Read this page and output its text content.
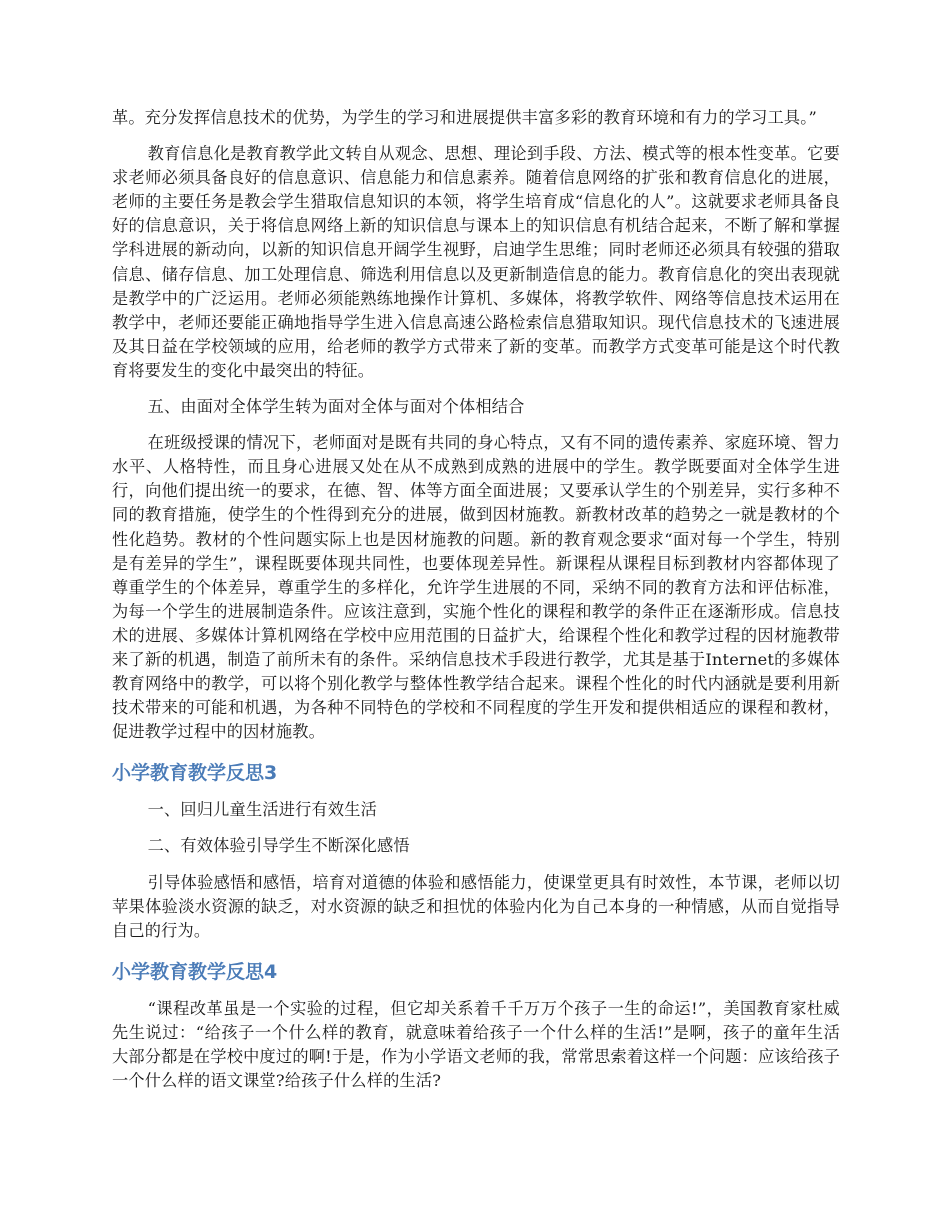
革。充分发挥信息技术的优势，为学生的学习和进展提供丰富多彩的教育环境和有力的学习工具。”

教育信息化是教育教学此文转自从观念、思想、理论到手段、方法、模式等的根本性变革。它要求老师必须具备良好的信息意识、信息能力和信息素养。随着信息网络的扩张和教育信息化的进展，老师的主要任务是教会学生猎取信息知识的本领，将学生培育成“信息化的人”。这就要求老师具备良好的信息意识，关于将信息网络上新的知识信息与课本上的知识信息有机结合起来，不断了解和掌握学科进展的新动向，以新的知识信息开阔学生视野，启迪学生思维；同时老师还必须具有较强的猎取信息、储存信息、加工处理信息、筛选利用信息以及更新制造信息的能力。教育信息化的突出表现就是教学中的广泛运用。老师必须能熟练地操作计算机、多媒体，将教学软件、网络等信息技术运用在教学中，老师还要能正确地指导学生进入信息高速公路检索信息猎取知识。现代信息技术的飞速进展及其日益在学校领域的应用，给老师的教学方式带来了新的变革。而教学方式变革可能是这个时代教育将要发生的变化中最突出的特征。

五、由面对全体学生转为面对全体与面对个体相结合

在班级授课的情况下，老师面对是既有共同的身心特点，又有不同的遗传素养、家庭环境、智力水平、人格特性，而且身心进展又处在从不成熟到成熟的进展中的学生。教学既要面对全体学生进行，向他们提出统一的要求，在德、智、体等方面全面进展；又要承认学生的个别差异，实行多种不同的教育措施，使学生的个性得到充分的进展，做到因材施教。新教材改革的趋势之一就是教材的个性化趋势。教材的个性问题实际上也是因材施教的问题。新的教育观念要求“面对每一个学生，特别是有差异的学生”，课程既要体现共同性，也要体现差异性。新课程从课程目标到教材内容都体现了尊重学生的个体差异，尊重学生的多样化，允许学生进展的不同，采纳不同的教育方法和评估标准，为每一个学生的进展制造条件。应该注意到，实施个性化的课程和教学的条件正在逐渐形成。信息技术的进展、多媒体计算机网络在学校中应用范围的日益扩大，给课程个性化和教学过程的因材施教带来了新的机遇，制造了前所未有的条件。采纳信息技术手段进行教学，尤其是基于Internet的多媒体教育网络中的教学，可以将个别化教学与整体性教学结合起来。课程个性化的时代内涵就是要利用新技术带来的可能和机遇，为各种不同特色的学校和不同程度的学生开发和提供相适应的课程和教材，促进教学过程中的因材施教。

小学教育教学反思3

一、回归儿童生活进行有效生活

二、有效体验引导学生不断深化感悟

引导体验感悟和感悟，培育对道德的体验和感悟能力，使课堂更具有时效性，本节课，老师以切苹果体验淡水资源的缺乏，对水资源的缺乏和担忧的体验内化为自己本身的一种情感，从而自觉指导自己的行为。

小学教育教学反思4

“课程改革虽是一个实验的过程，但它却关系着千千万万个孩子一生的命运!”，美国教育家杜威先生说过：“给孩子一个什么样的教育，就意味着给孩子一个什么样的生活!”是啊，孩子的童年生活大部分都是在学校中度过的啊!于是，作为小学语文老师的我，常常思索着这样一个问题：应该给孩子一个什么样的语文课堂?给孩子什么样的生活?
